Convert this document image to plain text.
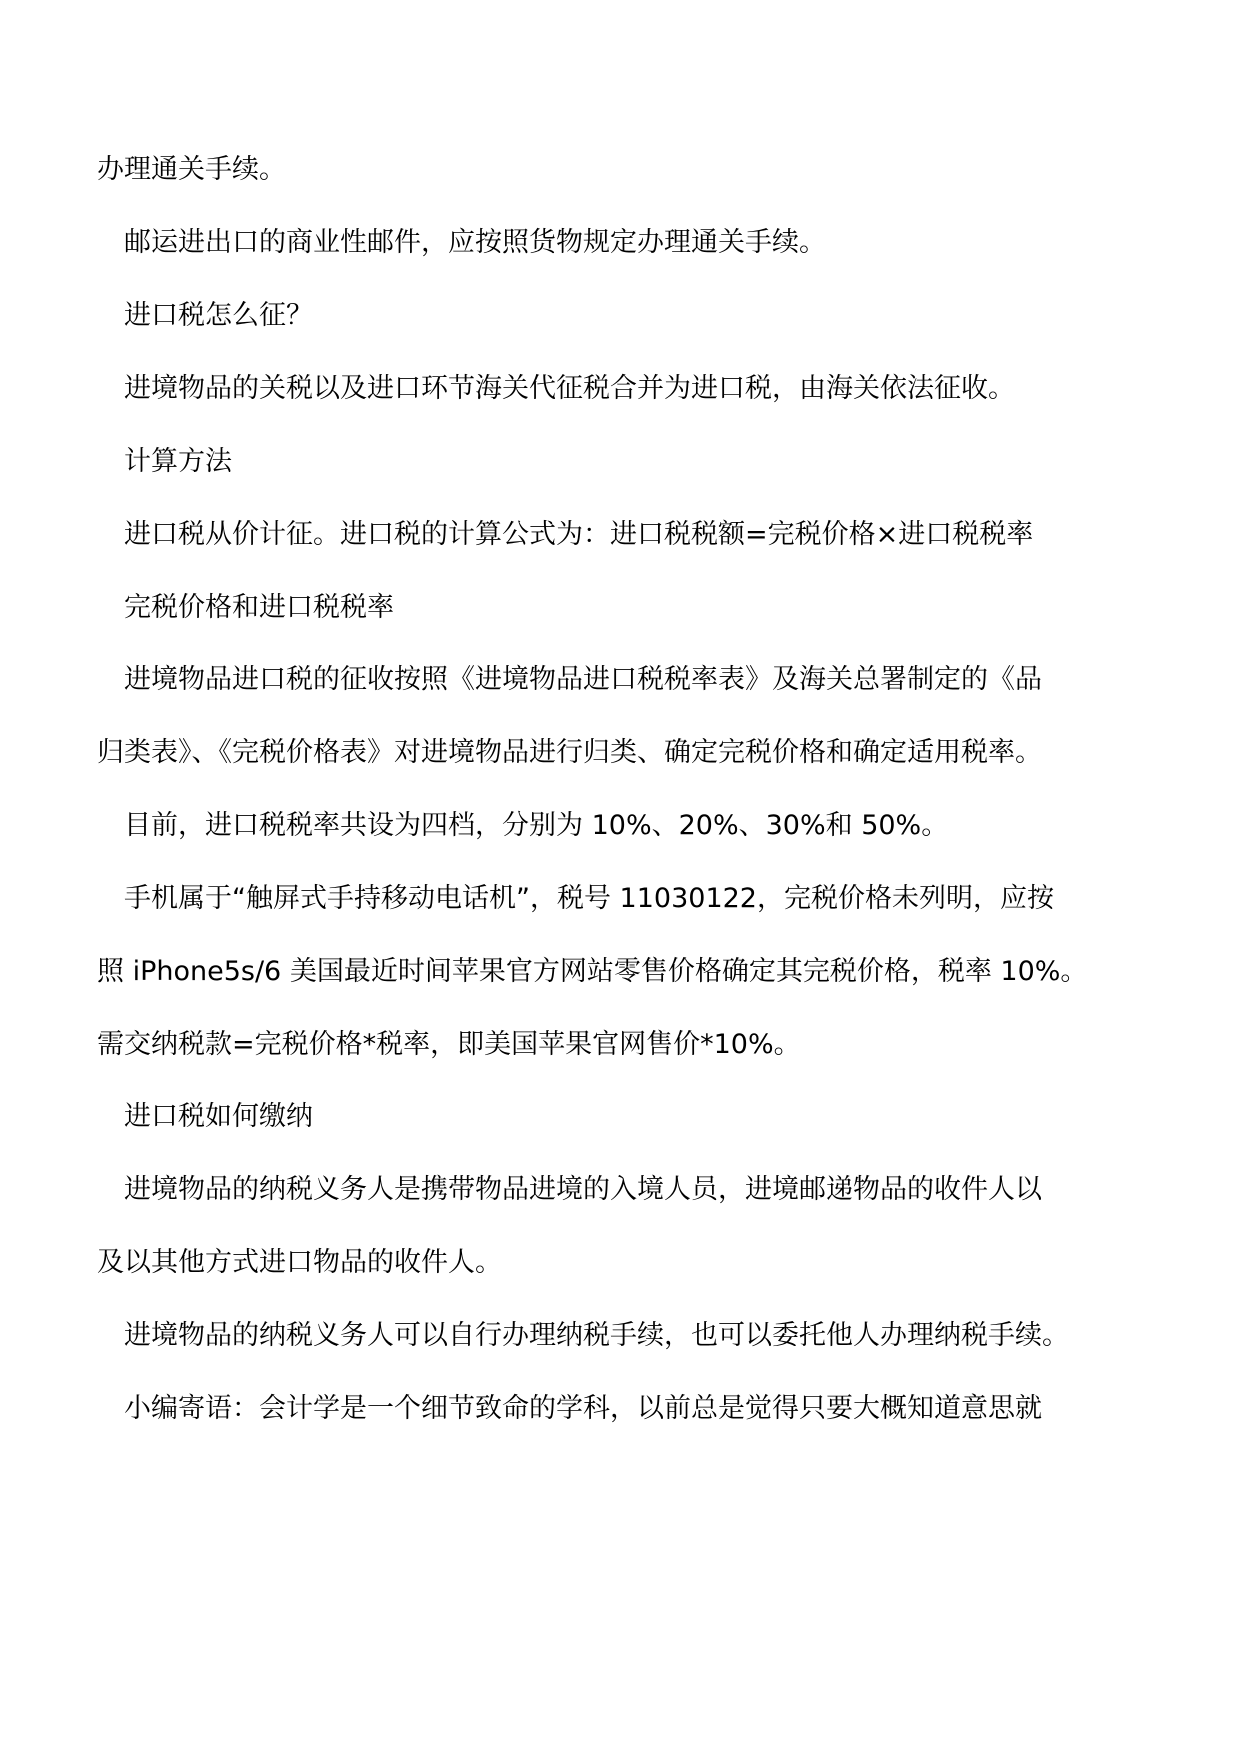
办理通关手续。
邮运进出口的商业性邮件，应按照货物规定办理通关手续。
进口税怎么征？
进境物品的关税以及进口环节海关代征税合并为进口税，由海关依法征收。
计算方法
进口税从价计征。进口税的计算公式为：进口税税额=完税价格×进口税税率
完税价格和进口税税率
进境物品进口税的征收按照《进境物品进口税税率表》及海关总署制定的《品
归类表》、《完税价格表》对进境物品进行归类、确定完税价格和确定适用税率。
目前，进口税税率共设为四档，分别为 10%、20%、30%和 50%。
手机属于“触屏式手持移动电话机”，税号 11030122，完税价格未列明，应按
照 iPhone5s/6 美国最近时间苹果官方网站零售价格确定其完税价格，税率 10%。
需交纳税款=完税价格*税率，即美国苹果官网售价*10%。
进口税如何缴纳
进境物品的纳税义务人是携带物品进境的入境人员，进境邮递物品的收件人以
及以其他方式进口物品的收件人。
进境物品的纳税义务人可以自行办理纳税手续，也可以委托他人办理纳税手续。
小编寄语：会计学是一个细节致命的学科，以前总是觉得只要大概知道意思就
